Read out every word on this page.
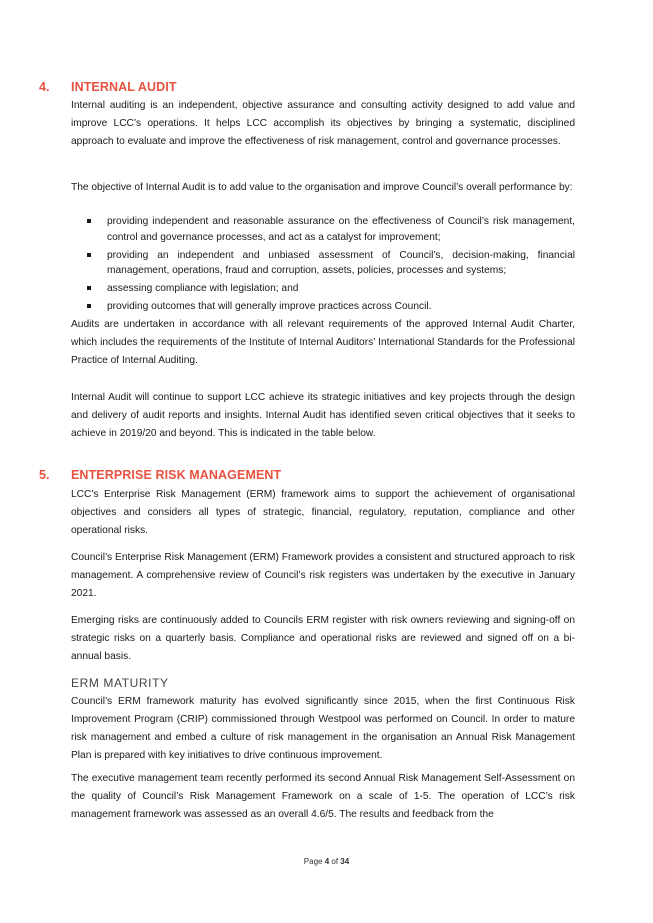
4. INTERNAL AUDIT

Internal auditing is an independent, objective assurance and consulting activity designed to add value and improve LCC’s operations. It helps LCC accomplish its objectives by bringing a systematic, disciplined approach to evaluate and improve the effectiveness of risk management, control and governance processes.

The objective of Internal Audit is to add value to the organisation and improve Council’s overall performance by:

providing independent and reasonable assurance on the effectiveness of Council’s risk management, control and governance processes, and act as a catalyst for improvement;
providing an independent and unbiased assessment of Council’s, decision-making, financial management, operations, fraud and corruption, assets, policies, processes and systems;
assessing compliance with legislation; and
providing outcomes that will generally improve practices across Council.

Audits are undertaken in accordance with all relevant requirements of the approved Internal Audit Charter, which includes the requirements of the Institute of Internal Auditors’ International Standards for the Professional Practice of Internal Auditing.

Internal Audit will continue to support LCC achieve its strategic initiatives and key projects through the design and delivery of audit reports and insights. Internal Audit has identified seven critical objectives that it seeks to achieve in 2019/20 and beyond. This is indicated in the table below.

5. ENTERPRISE RISK MANAGEMENT

LCC’s Enterprise Risk Management (ERM) framework aims to support the achievement of organisational objectives and considers all types of strategic, financial, regulatory, reputation, compliance and other operational risks.

Council’s Enterprise Risk Management (ERM) Framework provides a consistent and structured approach to risk management. A comprehensive review of Council’s risk registers was undertaken by the executive in January 2021.

Emerging risks are continuously added to Councils ERM register with risk owners reviewing and signing-off on strategic risks on a quarterly basis. Compliance and operational risks are reviewed and signed off on a bi-annual basis.

ERM MATURITY

Council’s ERM framework maturity has evolved significantly since 2015, when the first Continuous Risk Improvement Program (CRIP) commissioned through Westpool was performed on Council. In order to mature risk management and embed a culture of risk management in the organisation an Annual Risk Management Plan is prepared with key initiatives to drive continuous improvement.

The executive management team recently performed its second Annual Risk Management Self-Assessment on the quality of Council’s Risk Management Framework on a scale of 1-5. The operation of LCC’s risk management framework was assessed as an overall 4.6/5. The results and feedback from the

Page 4 of 34
